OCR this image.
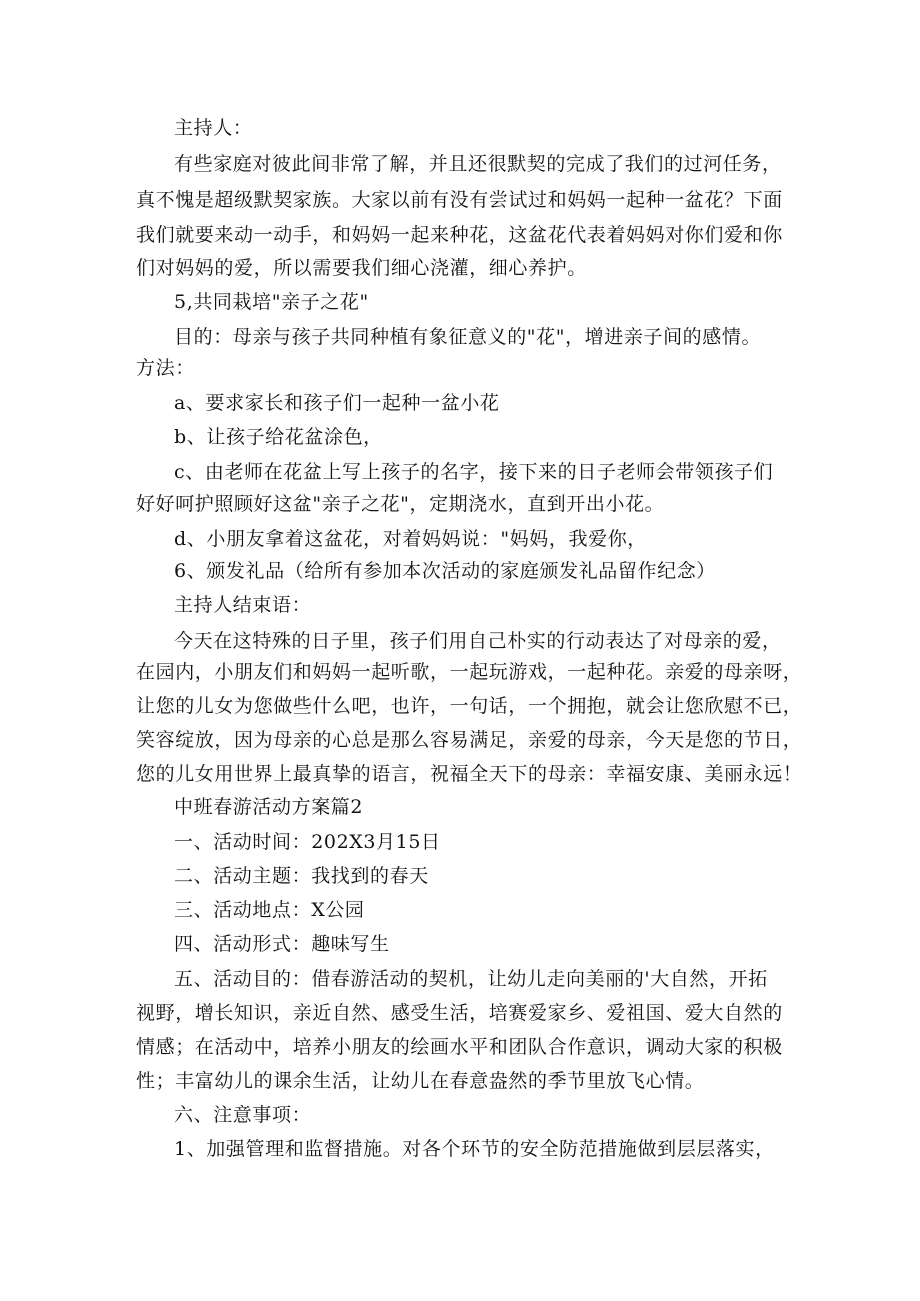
主持人：
有些家庭对彼此间非常了解，并且还很默契的完成了我们的过河任务，
真不愧是超级默契家族。大家以前有没有尝试过和妈妈一起种一盆花？下面
我们就要来动一动手，和妈妈一起来种花，这盆花代表着妈妈对你们爱和你
们对妈妈的爱，所以需要我们细心浇灌，细心养护。
5,共同栽培"亲子之花"
目的：母亲与孩子共同种植有象征意义的"花"，增进亲子间的感情。
方法：
a、要求家长和孩子们一起种一盆小花
b、让孩子给花盆涂色，
c、由老师在花盆上写上孩子的名字，接下来的日子老师会带领孩子们
好好呵护照顾好这盆"亲子之花"，定期浇水，直到开出小花。
d、小朋友拿着这盆花，对着妈妈说："妈妈，我爱你，
6、颁发礼品（给所有参加本次活动的家庭颁发礼品留作纪念）
主持人结束语：
今天在这特殊的日子里，孩子们用自己朴实的行动表达了对母亲的爱，
在园内，小朋友们和妈妈一起听歌，一起玩游戏，一起种花。亲爱的母亲呀，
让您的儿女为您做些什么吧，也许，一句话，一个拥抱，就会让您欣慰不已，
笑容绽放，因为母亲的心总是那么容易满足，亲爱的母亲，今天是您的节日，
您的儿女用世界上最真挚的语言，祝福全天下的母亲：幸福安康、美丽永远！
中班春游活动方案篇2
一、活动时间：202X3月15日
二、活动主题：我找到的春天
三、活动地点：X公园
四、活动形式：趣味写生
五、活动目的：借春游活动的契机，让幼儿走向美丽的'大自然，开拓
视野，增长知识，亲近自然、感受生活，培赛爱家乡、爱祖国、爱大自然的
情感；在活动中，培养小朋友的绘画水平和团队合作意识，调动大家的积极
性；丰富幼儿的课余生活，让幼儿在春意盎然的季节里放飞心情。
六、注意事项：
1、加强管理和监督措施。对各个环节的安全防范措施做到层层落实，
